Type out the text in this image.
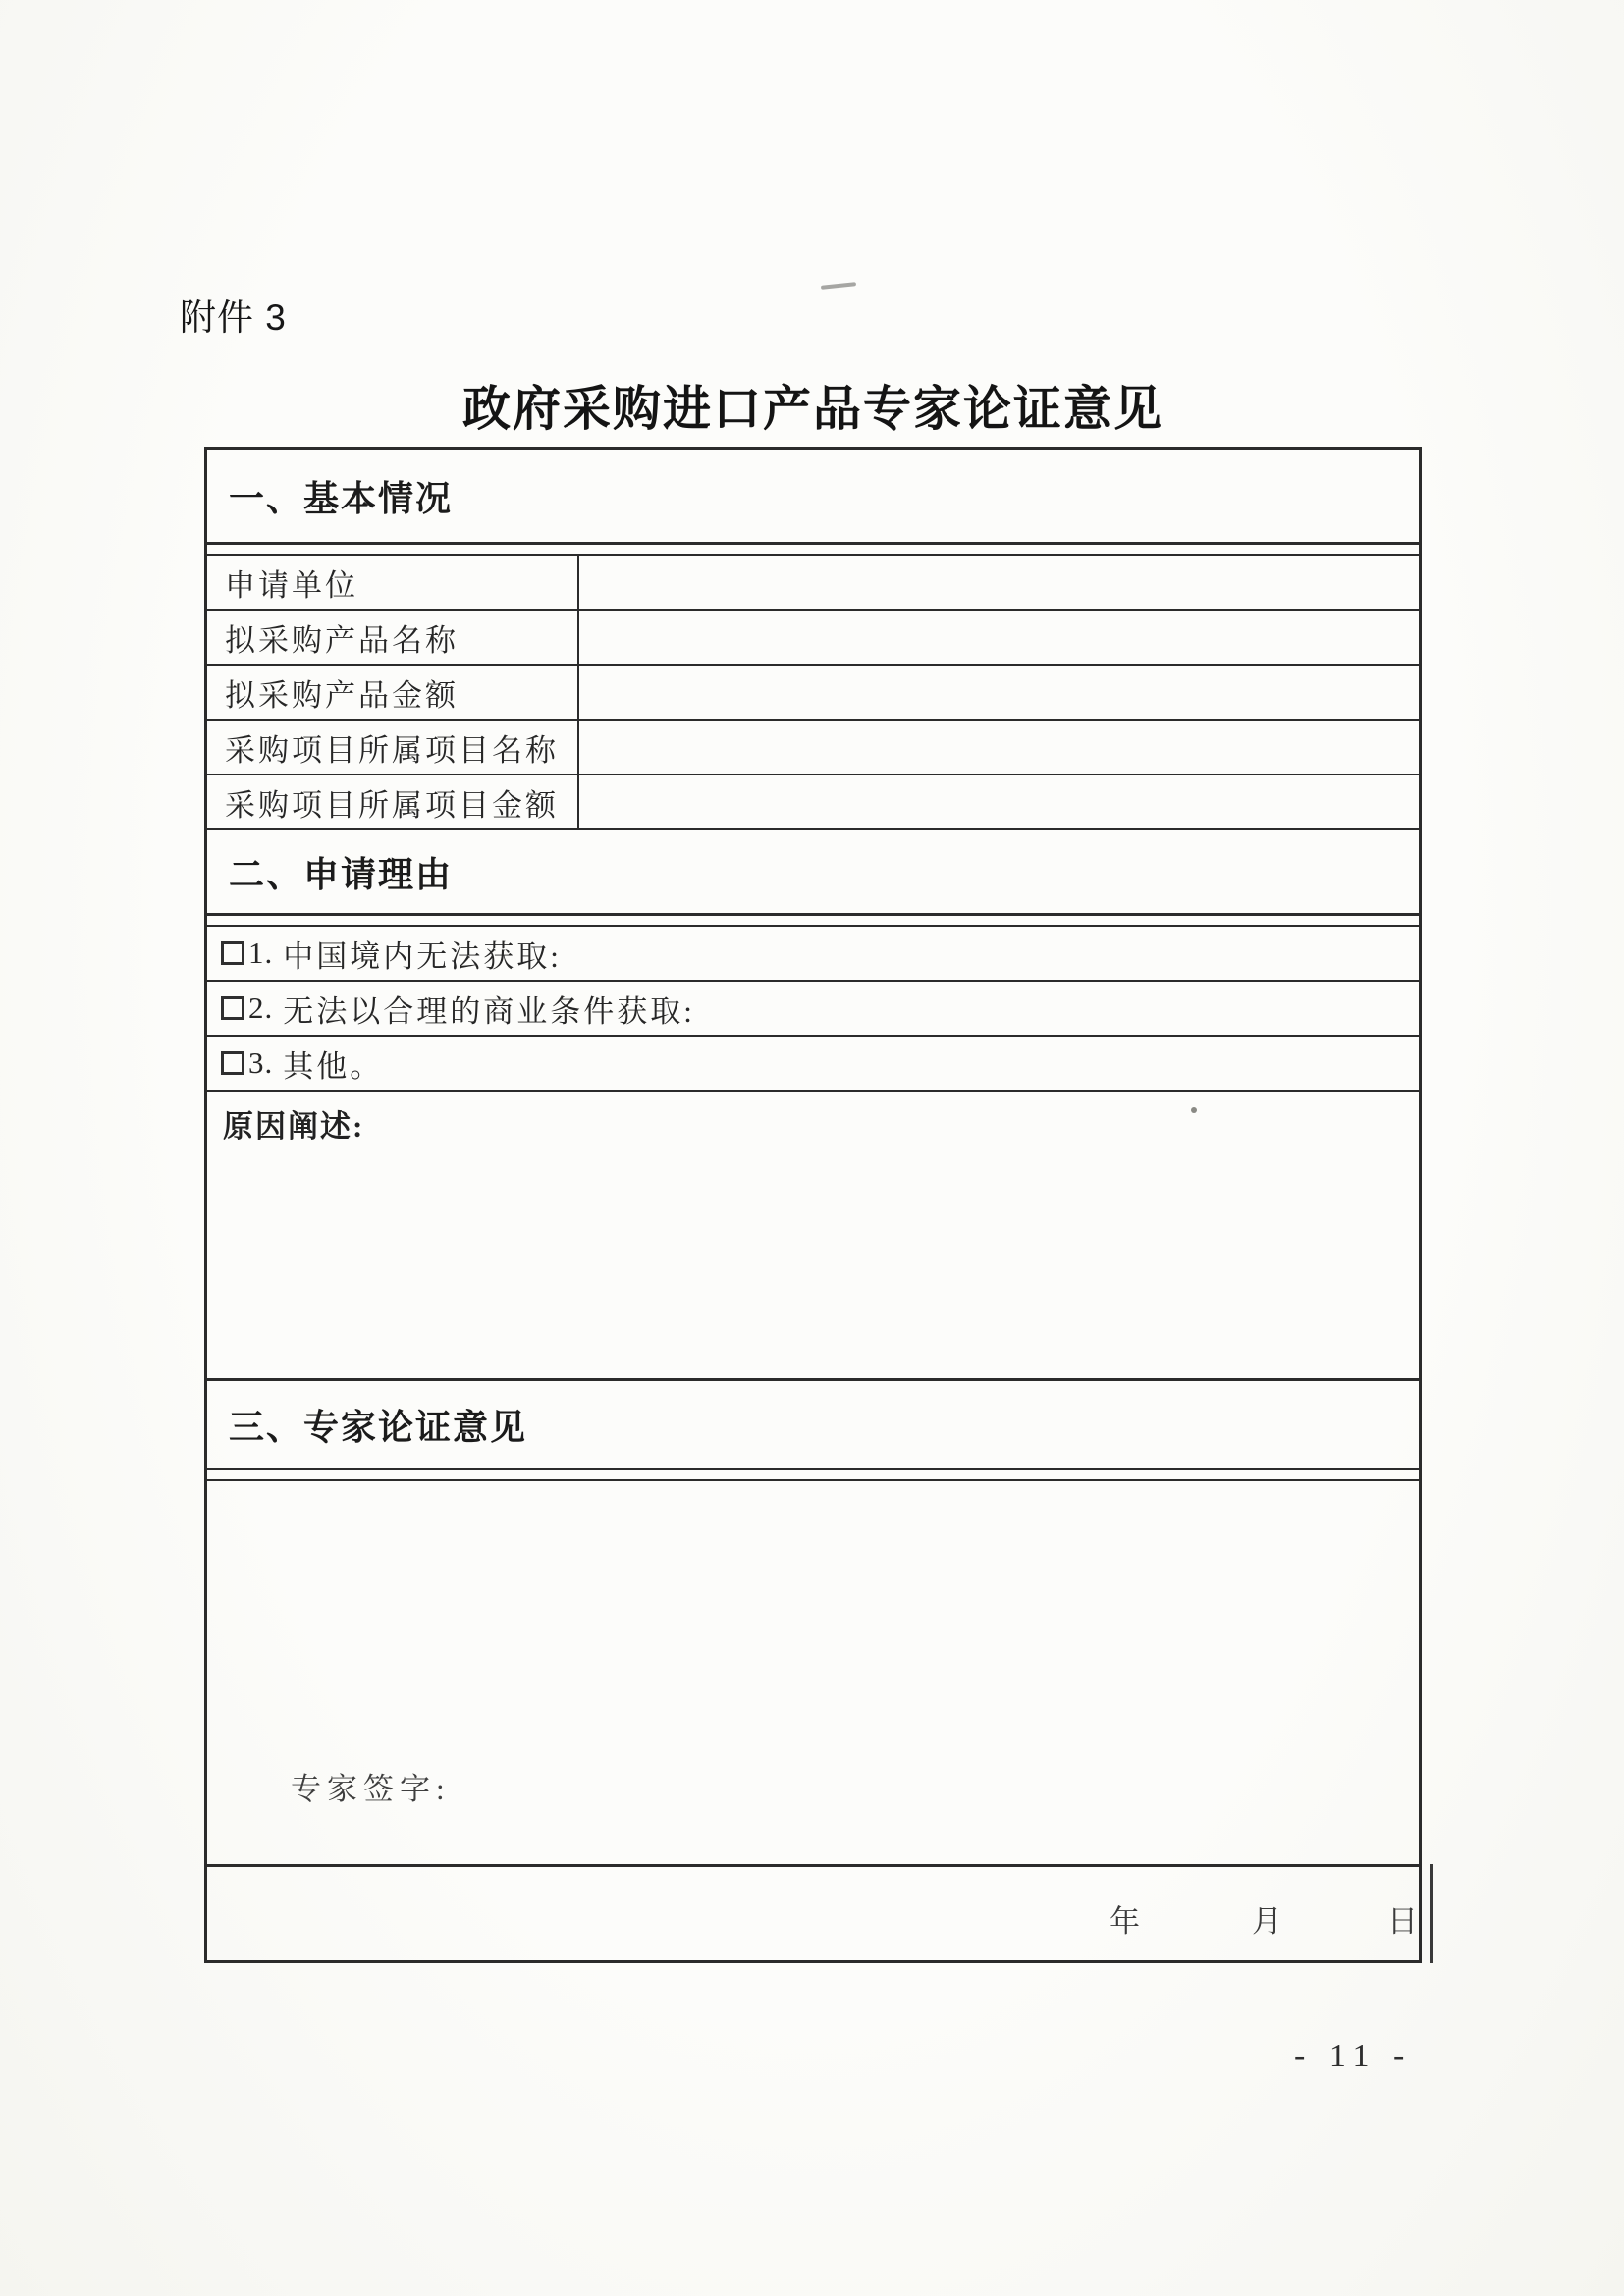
附件 3
政府采购进口产品专家论证意见
一、基本情况
申请单位
拟采购产品名称
拟采购产品金额
采购项目所属项目名称
采购项目所属项目金额
二、申请理由
1. 中国境内无法获取:
2. 无法以合理的商业条件获取:
3. 其他。
原因阐述:
三、专家论证意见
专家签字:
年	月	日
- 11 -
